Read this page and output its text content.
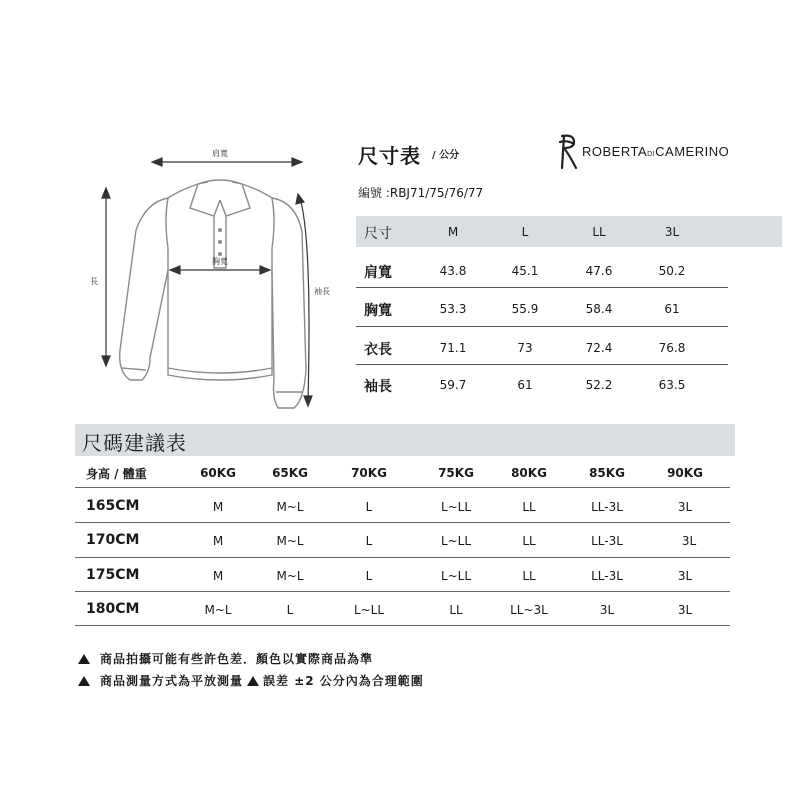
肩寬
胸寬
長
袖長
尺寸表 / 公分
編號 :RBJ71/75/76/77
ROBERTADICAMERINO
尺寸	M	L	LL	3L
肩寬	43.8	45.1	47.6	50.2
胸寬	53.3	55.9	58.4	61
衣長	71.1	73	72.4	76.8
袖長	59.7	61	52.2	63.5
尺碼建議表
身高 / 體重	60KG	65KG	70KG	75KG	80KG	85KG	90KG
165CM	M	M~L	L	L~LL	LL	LL-3L	3L
170CM	M	M~L	L	L~LL	LL	LL-3L	3L
175CM	M	M~L	L	L~LL	LL	LL-3L	3L
180CM	M~L	L	L~LL	LL	LL~3L	3L	3L
商品拍攝可能有些許色差．顏色以實際商品為準
商品測量方式為平放測量 誤差 ±2 公分內為合理範圍
